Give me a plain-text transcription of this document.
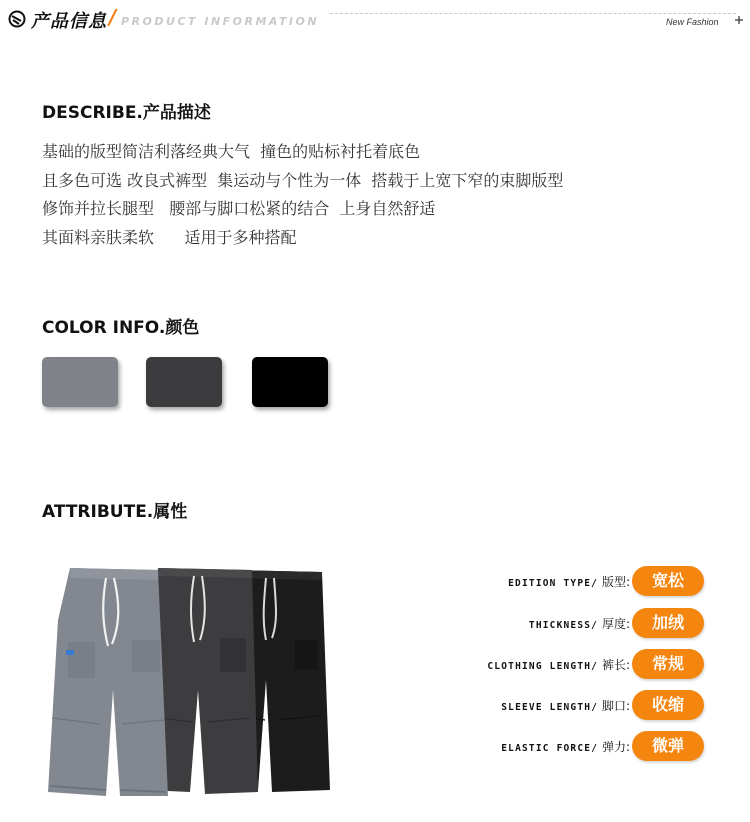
产品信息 / PRODUCT INFORMATION	New Fashion
DESCRIBE.产品描述
基础的版型简洁利落经典大气  撞色的贴标衬托着底色
且多色可选 改良式裤型  集运动与个性为一体  搭载于上宽下窄的束脚版型
修饰并拉长腿型   腰部与脚口松紧的结合  上身自然舒适
其面料亲肤柔软      适用于多种搭配
COLOR INFO.颜色
ATTRIBUTE.属性
EDITION TYPE/ 版型:	宽松
THICKNESS/ 厚度:	加绒
CLOTHING LENGTH/ 裤长:	常规
SLEEVE LENGTH/ 脚口:	收缩
ELASTIC FORCE/ 弹力:	微弹
